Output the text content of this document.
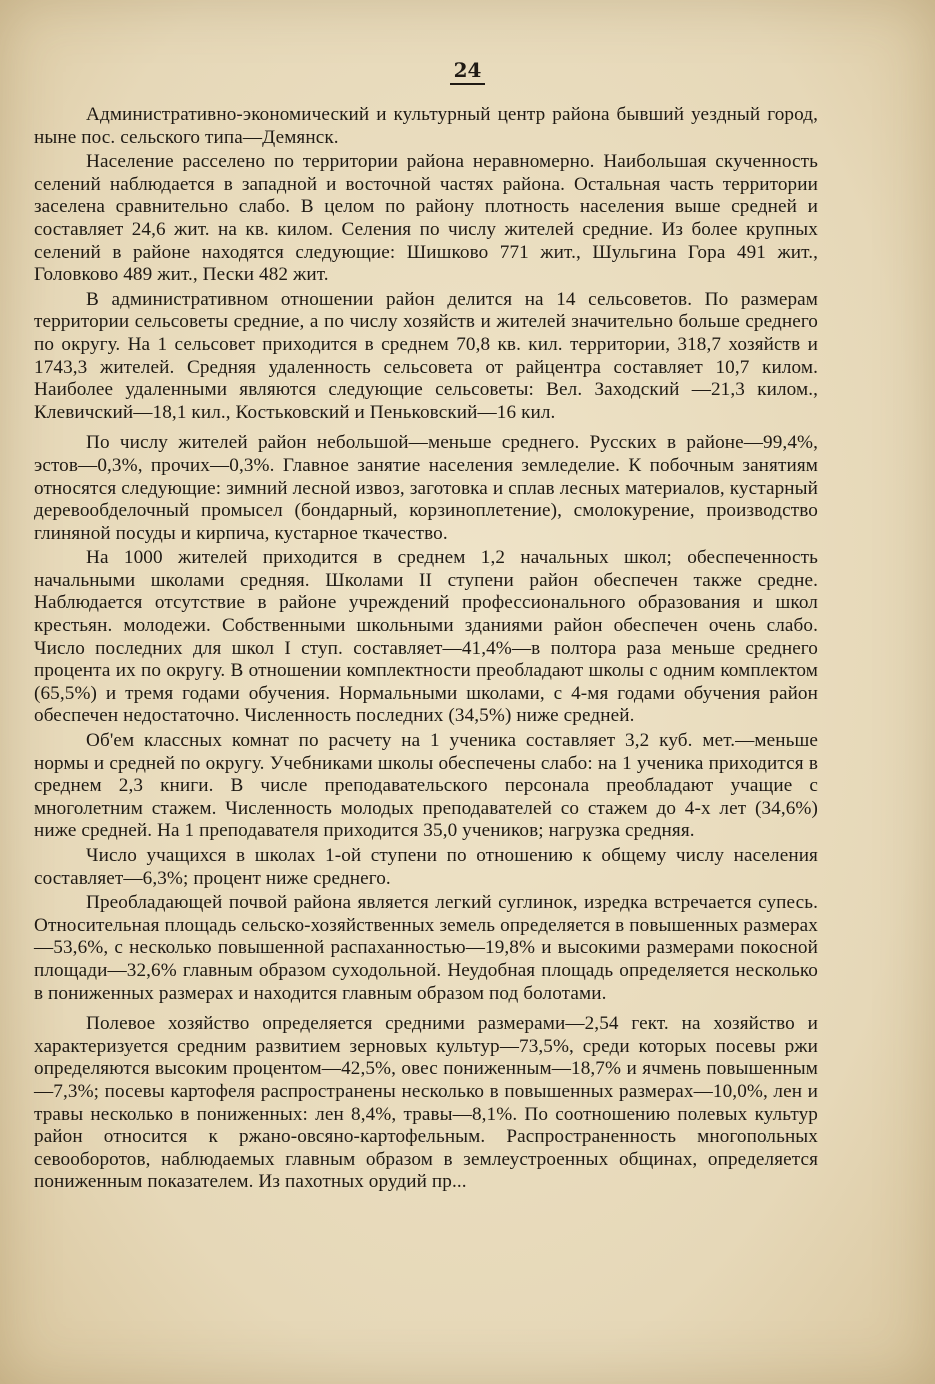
24

Административно-экономический и культурный центр района бывший уездный город, ныне пос. сельского типа—Демянск.

Население расселено по территории района неравномерно. Наибольшая скученность селений наблюдается в западной и восточной частях района. Остальная часть территории заселена сравнительно слабо. В целом по району плотность населения выше средней и составляет 24,6 жит. на кв. килом. Селения по числу жителей средние. Из более крупных селений в районе находятся следующие: Шишково 771 жит., Шульгина Гора 491 жит., Головково 489 жит., Пески 482 жит.

В административном отношении район делится на 14 сельсоветов. По размерам территории сельсоветы средние, а по числу хозяйств и жителей значительно больше среднего по округу. На 1 сельсовет приходится в среднем 70,8 кв. кил. территории, 318,7 хозяйств и 1743,3 жителей. Средняя удаленность сельсовета от райцентра составляет 10,7 килом. Наиболее удаленными являются следующие сельсоветы: Вел. Заходский —21,3 килом., Клевичский—18,1 кил., Костьковский и Пеньковский—16 кил.

По числу жителей район небольшой—меньше среднего. Русских в районе—99,4%, эстов—0,3%, прочих—0,3%. Главное занятие населения земледелие. К побочным занятиям относятся следующие: зимний лесной извоз, заготовка и сплав лесных материалов, кустарный деревообделочный промысел (бондарный, корзиноплетение), смолокурение, производство глиняной посуды и кирпича, кустарное ткачество.

На 1000 жителей приходится в среднем 1,2 начальных школ; обеспеченность начальными школами средняя. Школами II ступени район обеспечен также средне. Наблюдается отсутствие в районе учреждений профессионального образования и школ крестьян. молодежи. Собственными школьными зданиями район обеспечен очень слабо. Число последних для школ I ступ. составляет—41,4%—в полтора раза меньше среднего процента их по округу. В отношении комплектности преобладают школы с одним комплектом (65,5%) и тремя годами обучения. Нормальными школами, с 4-мя годами обучения район обеспечен недостаточно. Численность последних (34,5%) ниже средней.

Об'ем классных комнат по расчету на 1 ученика составляет 3,2 куб. мет.—меньше нормы и средней по округу. Учебниками школы обеспечены слабо: на 1 ученика приходится в среднем 2,3 книги. В числе преподавательского персонала преобладают учащие с многолетним стажем. Численность молодых преподавателей со стажем до 4-х лет (34,6%) ниже средней. На 1 преподавателя приходится 35,0 учеников; нагрузка средняя.

Число учащихся в школах 1-ой ступени по отношению к общему числу населения составляет—6,3%; процент ниже среднего.

Преобладающей почвой района является легкий суглинок, изредка встречается супесь. Относительная площадь сельско-хозяйственных земель определяется в повышенных размерах—53,6%, с несколько повышенной распаханностью—19,8% и высокими размерами покосной площади—32,6% главным образом суходольной. Неудобная площадь определяется несколько в пониженных размерах и находится главным образом под болотами.

Полевое хозяйство определяется средними размерами—2,54 гект. на хозяйство и характеризуется средним развитием зерновых культур—73,5%, среди которых посевы ржи определяются высоким процентом—42,5%, овес пониженным—18,7% и ячмень повышенным—7,3%; посевы картофеля распространены несколько в повышенных размерах—10,0%, лен и травы несколько в пониженных: лен 8,4%, травы—8,1%. По соотношению полевых культур район относится к ржано-овсяно-картофельным. Распространенность многопольных севооборотов, наблюдаемых главным образом в землеустроенных общинах, определяется пониженным показателем. Из пахотных орудий пр...
